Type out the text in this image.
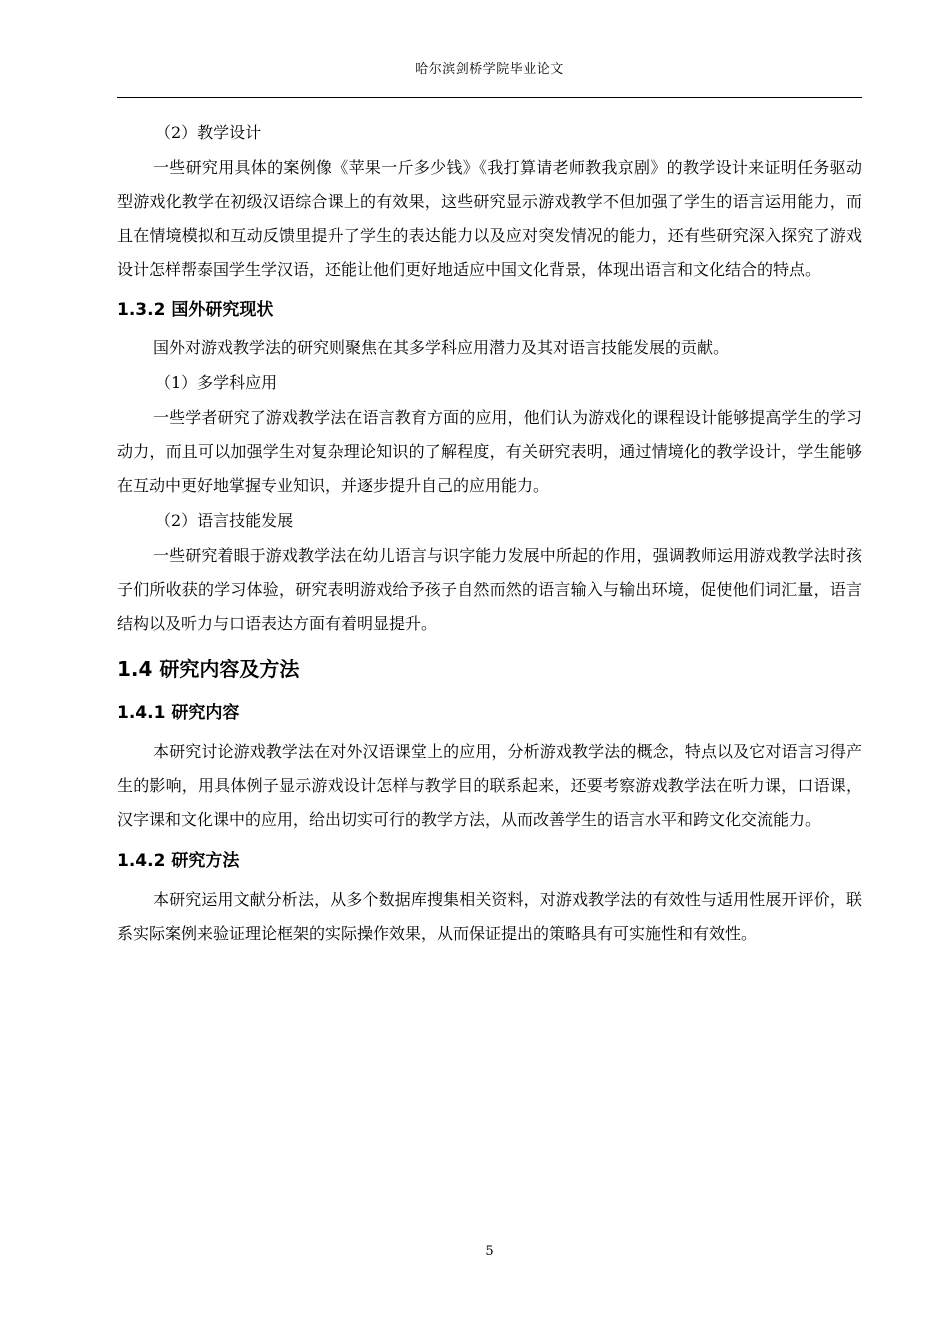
哈尔滨剑桥学院毕业论文

（2）教学设计

一些研究用具体的案例像《苹果一斤多少钱》《我打算请老师教我京剧》的教学设计来证明任务驱动型游戏化教学在初级汉语综合课上的有效果，这些研究显示游戏教学不但加强了学生的语言运用能力，而且在情境模拟和互动反馈里提升了学生的表达能力以及应对突发情况的能力，还有些研究深入探究了游戏设计怎样帮泰国学生学汉语，还能让他们更好地适应中国文化背景，体现出语言和文化结合的特点。

1.3.2 国外研究现状

国外对游戏教学法的研究则聚焦在其多学科应用潜力及其对语言技能发展的贡献。

（1）多学科应用

一些学者研究了游戏教学法在语言教育方面的应用，他们认为游戏化的课程设计能够提高学生的学习动力，而且可以加强学生对复杂理论知识的了解程度，有关研究表明，通过情境化的教学设计，学生能够在互动中更好地掌握专业知识，并逐步提升自己的应用能力。

（2）语言技能发展

一些研究着眼于游戏教学法在幼儿语言与识字能力发展中所起的作用，强调教师运用游戏教学法时孩子们所收获的学习体验，研究表明游戏给予孩子自然而然的语言输入与输出环境，促使他们词汇量，语言结构以及听力与口语表达方面有着明显提升。

1.4 研究内容及方法
1.4.1 研究内容

本研究讨论游戏教学法在对外汉语课堂上的应用，分析游戏教学法的概念，特点以及它对语言习得产生的影响，用具体例子显示游戏设计怎样与教学目的联系起来，还要考察游戏教学法在听力课，口语课，汉字课和文化课中的应用，给出切实可行的教学方法，从而改善学生的语言水平和跨文化交流能力。

1.4.2 研究方法

本研究运用文献分析法，从多个数据库搜集相关资料，对游戏教学法的有效性与适用性展开评价，联系实际案例来验证理论框架的实际操作效果，从而保证提出的策略具有可实施性和有效性。

5
